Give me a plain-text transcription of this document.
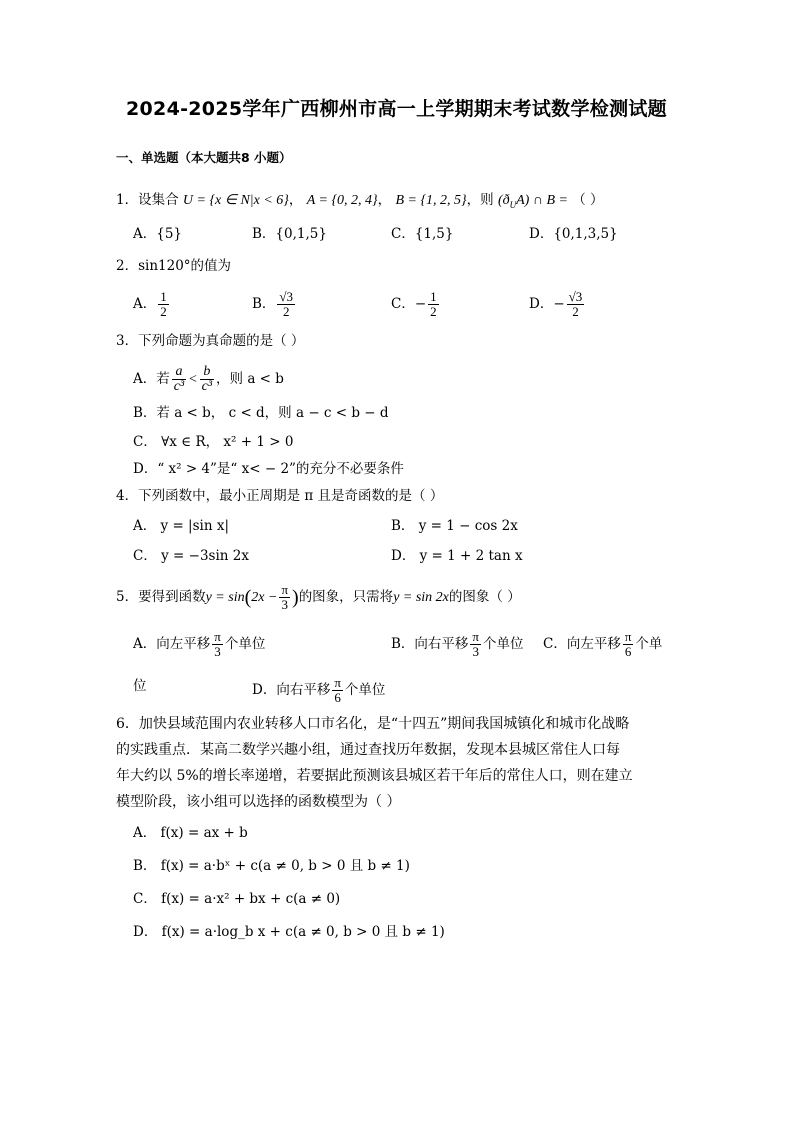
2024-2025学年广西柳州市高一上学期期末考试数学检测试题
一、单选题（本大题共8 小题）
1．设集合 U = {x ∈ N|x < 6}， A = {0, 2, 4}， B = {1, 2, 5}，则 $(ð_UA)$ ∩ B = （ ）
A．{5}	B．{0,1,5}	C．{1,5}	D．{0,1,3,5}
2．sin120°的值为
A． $\frac{1}{2}$	B． $\frac{√3}{2}$	C．− $\frac{1}{2}$	D．− $\frac{√3}{2}$
3．下列命题为真命题的是（ ）
A．若 $\frac{a}{\text{c³}} < \frac{b}{\text{c³}}$ ，则 a < b
B．若 a < b， c < d，则 a − c < b − d
C． ∀x ∈ R， x² + 1 > 0
D．“ x² > 4”是“ x< − 2”的充分不必要条件
4．下列函数中，最小正周期是 π 且是奇函数的是（ ）
A． y = |sin x|	B． y = 1 − cos 2x
C． y = −3sin 2x	D． y = 1 + 2 tan x
5．要得到函数$y = \sin(2x - \frac{\pi}{3}$ )的图象，只需将y = sin 2x的图象（ ）
A．向左平移 $\frac{\pi}{3}$ 个单位	B．向右平移 $\frac{\pi}{3}$ 个单位 C．向左平移 $\frac{\pi}{6}$ 个单
位	D．向右平移 $\frac{\pi}{6}$ 个单位
6．加快县域范围内农业转移人口市名化，是“十四五”期间我国城镇化和城市化战略
的实践重点．某高二数学兴趣小组，通过查找历年数据，发现本县城区常住人口每
年大约以 5%的增长率递增，若要据此预测该县城区若干年后的常住人口，则在建立
模型阶段，该小组可以选择的函数模型为（ ）
A． f(x) = ax + b
B． f(x) = a·bˣ + c(a ≠ 0, b > 0 且 b ≠ 1)
C． f(x) = a·x² + bx + c(a ≠ 0)
D． f(x) = a·log_b x + c(a ≠ 0, b > 0 且 b ≠ 1)
